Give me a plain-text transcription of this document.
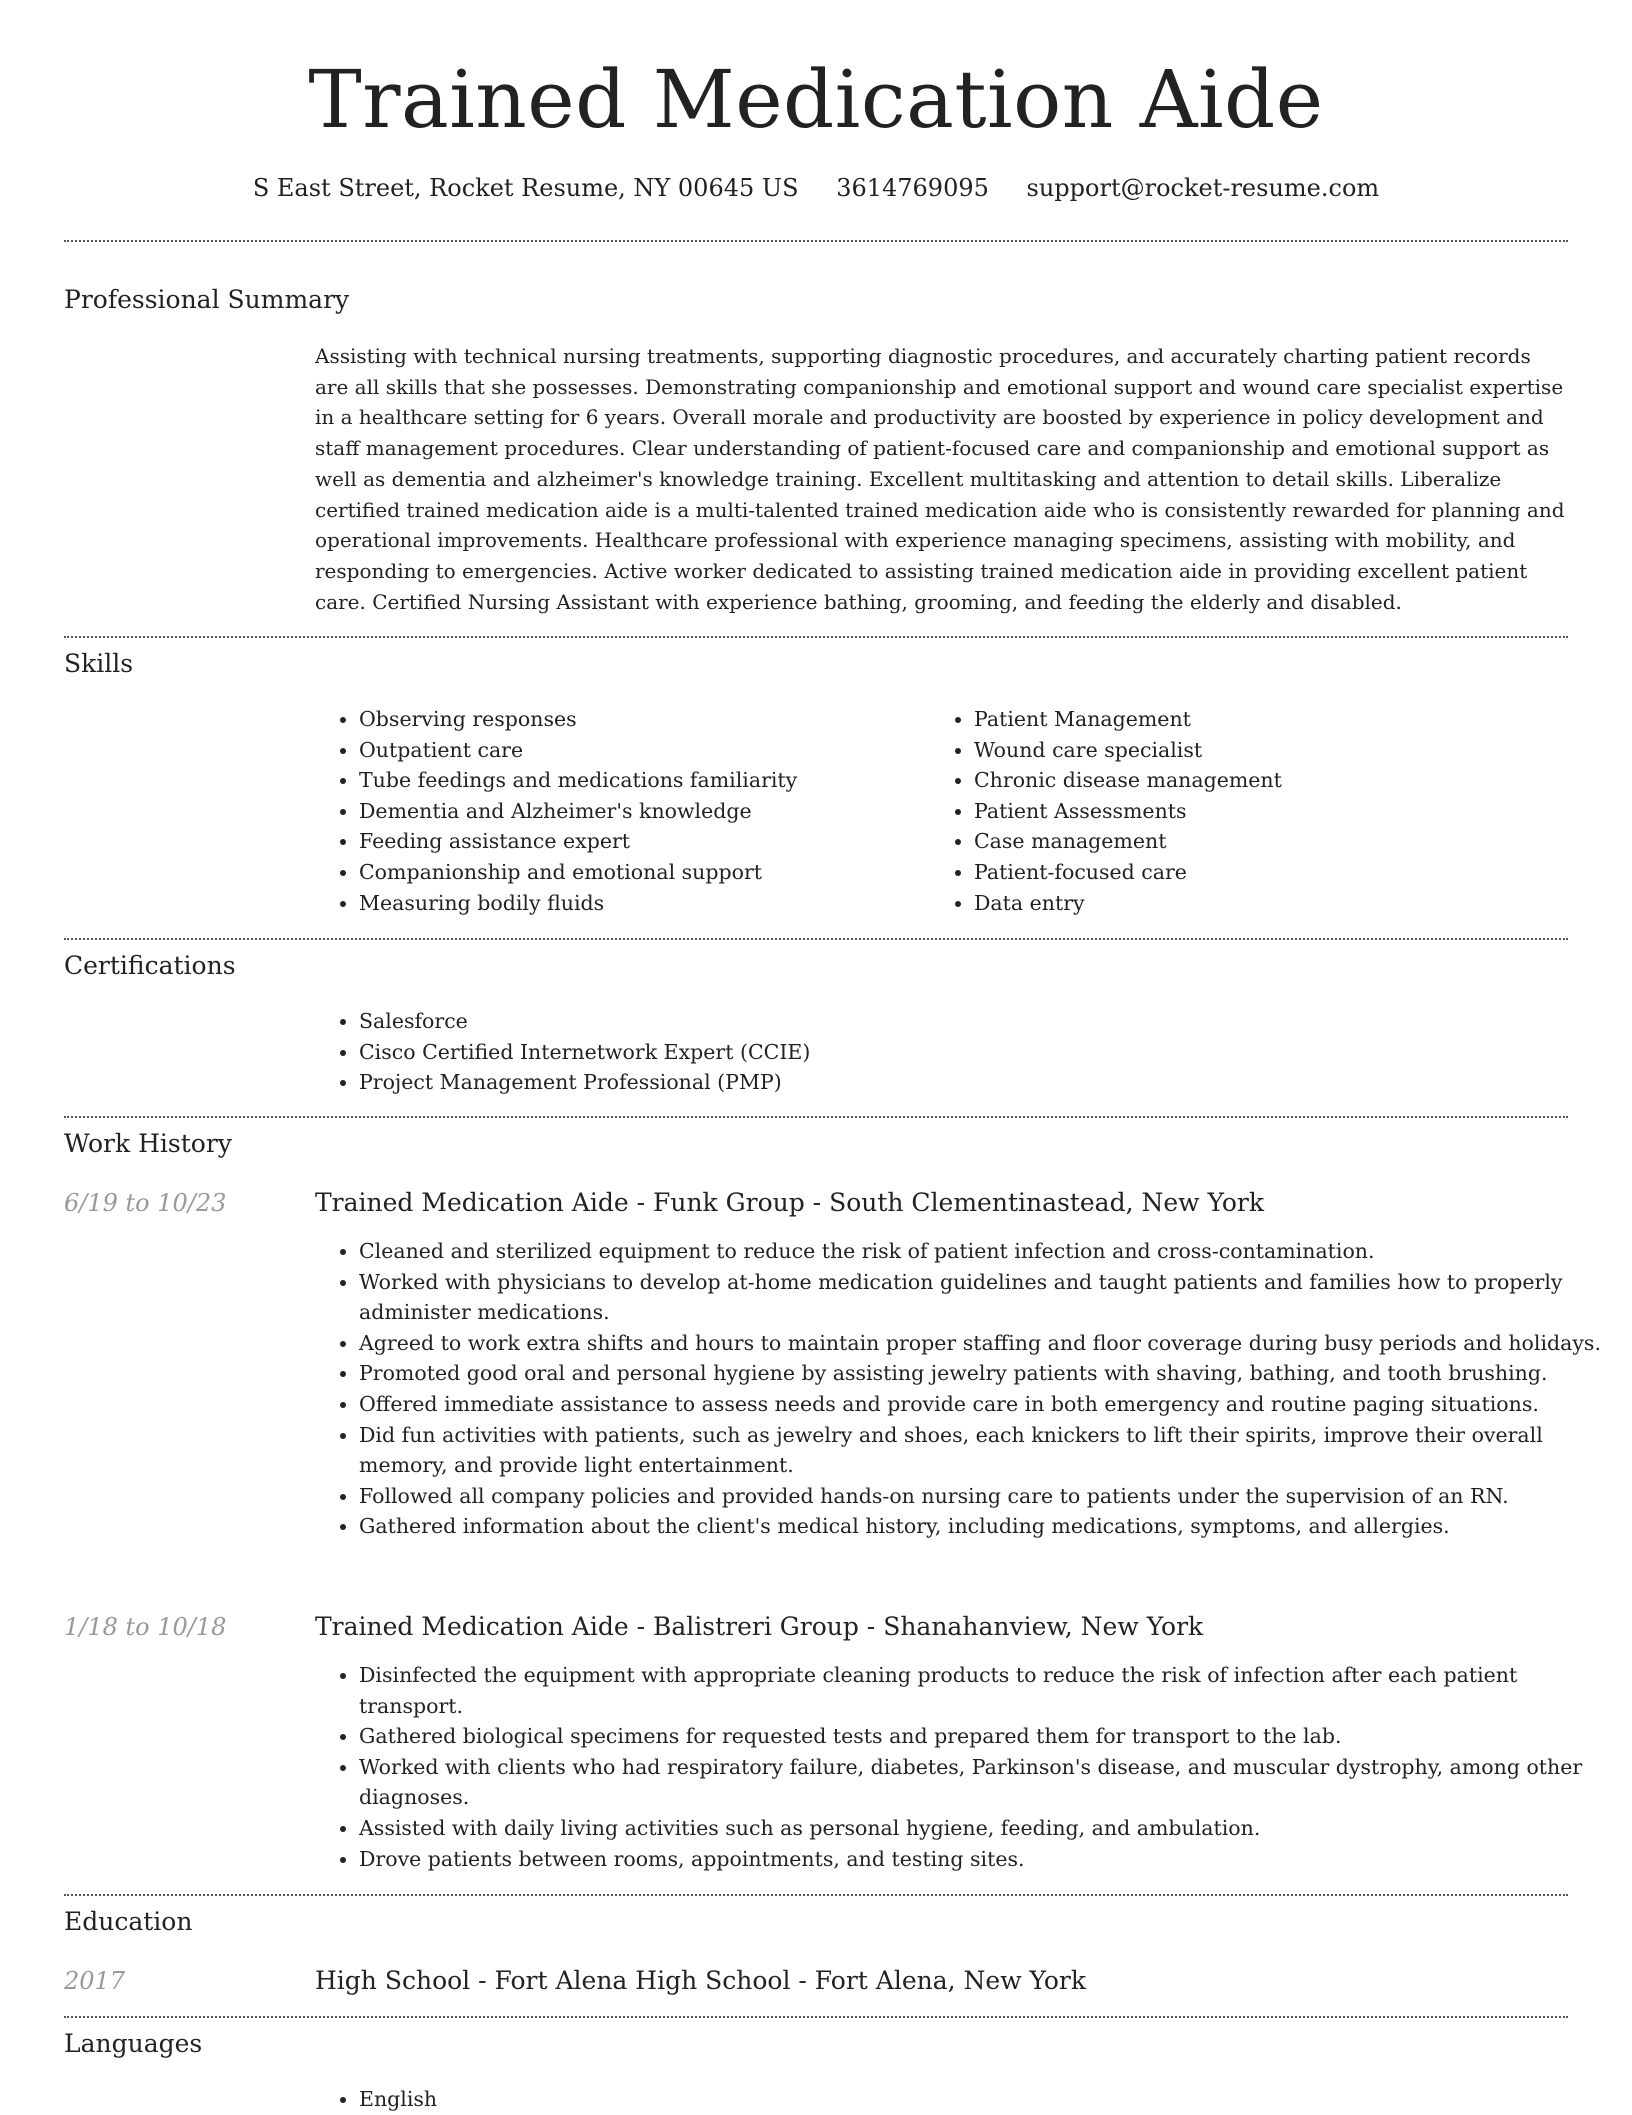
Trained Medication Aide
S East Street, Rocket Resume, NY 00645 US 3614769095 support@rocket-resume.com
Professional Summary

Assisting with technical nursing treatments, supporting diagnostic procedures, and accurately charting patient records are all skills that she possesses. Demonstrating companionship and emotional support and wound care specialist expertise in a healthcare setting for 6 years. Overall morale and productivity are boosted by experience in policy development and staff management procedures. Clear understanding of patient-focused care and companionship and emotional support as well as dementia and alzheimer's knowledge training. Excellent multitasking and attention to detail skills. Liberalize certified trained medication aide is a multi-talented trained medication aide who is consistently rewarded for planning and operational improvements. Healthcare professional with experience managing specimens, assisting with mobility, and responding to emergencies. Active worker dedicated to assisting trained medication aide in providing excellent patient care. Certified Nursing Assistant with experience bathing, grooming, and feeding the elderly and disabled.

Skills
• Observing responses
• Outpatient care
• Tube feedings and medications familiarity
• Dementia and Alzheimer's knowledge
• Feeding assistance expert
• Companionship and emotional support
• Measuring bodily fluids
• Patient Management
• Wound care specialist
• Chronic disease management
• Patient Assessments
• Case management
• Patient-focused care
• Data entry
Certifications
• Salesforce
• Cisco Certified Internetwork Expert (CCIE)
• Project Management Professional (PMP)
Work History
6/19 to 10/23	Trained Medication Aide - Funk Group - South Clementinastead, New York
• Cleaned and sterilized equipment to reduce the risk of patient infection and cross-contamination.
• Worked with physicians to develop at-home medication guidelines and taught patients and families how to properly administer medications.
• Agreed to work extra shifts and hours to maintain proper staffing and floor coverage during busy periods and holidays.
• Promoted good oral and personal hygiene by assisting jewelry patients with shaving, bathing, and tooth brushing.
• Offered immediate assistance to assess needs and provide care in both emergency and routine paging situations.
• Did fun activities with patients, such as jewelry and shoes, each knickers to lift their spirits, improve their overall memory, and provide light entertainment.
• Followed all company policies and provided hands-on nursing care to patients under the supervision of an RN.
• Gathered information about the client's medical history, including medications, symptoms, and allergies.
1/18 to 10/18	Trained Medication Aide - Balistreri Group - Shanahanview, New York
• Disinfected the equipment with appropriate cleaning products to reduce the risk of infection after each patient transport.
• Gathered biological specimens for requested tests and prepared them for transport to the lab.
• Worked with clients who had respiratory failure, diabetes, Parkinson's disease, and muscular dystrophy, among other diagnoses.
• Assisted with daily living activities such as personal hygiene, feeding, and ambulation.
• Drove patients between rooms, appointments, and testing sites.
Education
2017	High School - Fort Alena High School - Fort Alena, New York
Languages
• English
